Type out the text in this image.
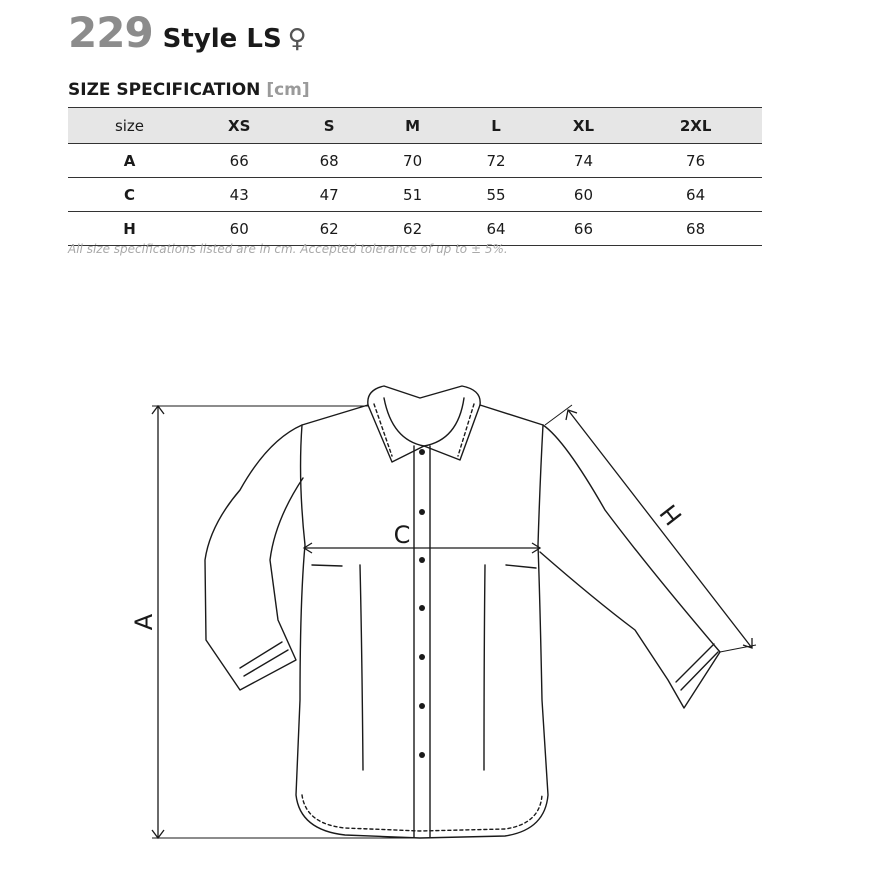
229 Style LS ♀
SIZE SPECIFICATION [cm]
size	XS	S	M	L	XL	2XL
A	66	68	70	72	74	76
C	43	47	51	55	60	64
H	60	62	62	64	66	68
All size specifications listed are in cm. Accepted tolerance of up to ± 5%.
A
C
H
